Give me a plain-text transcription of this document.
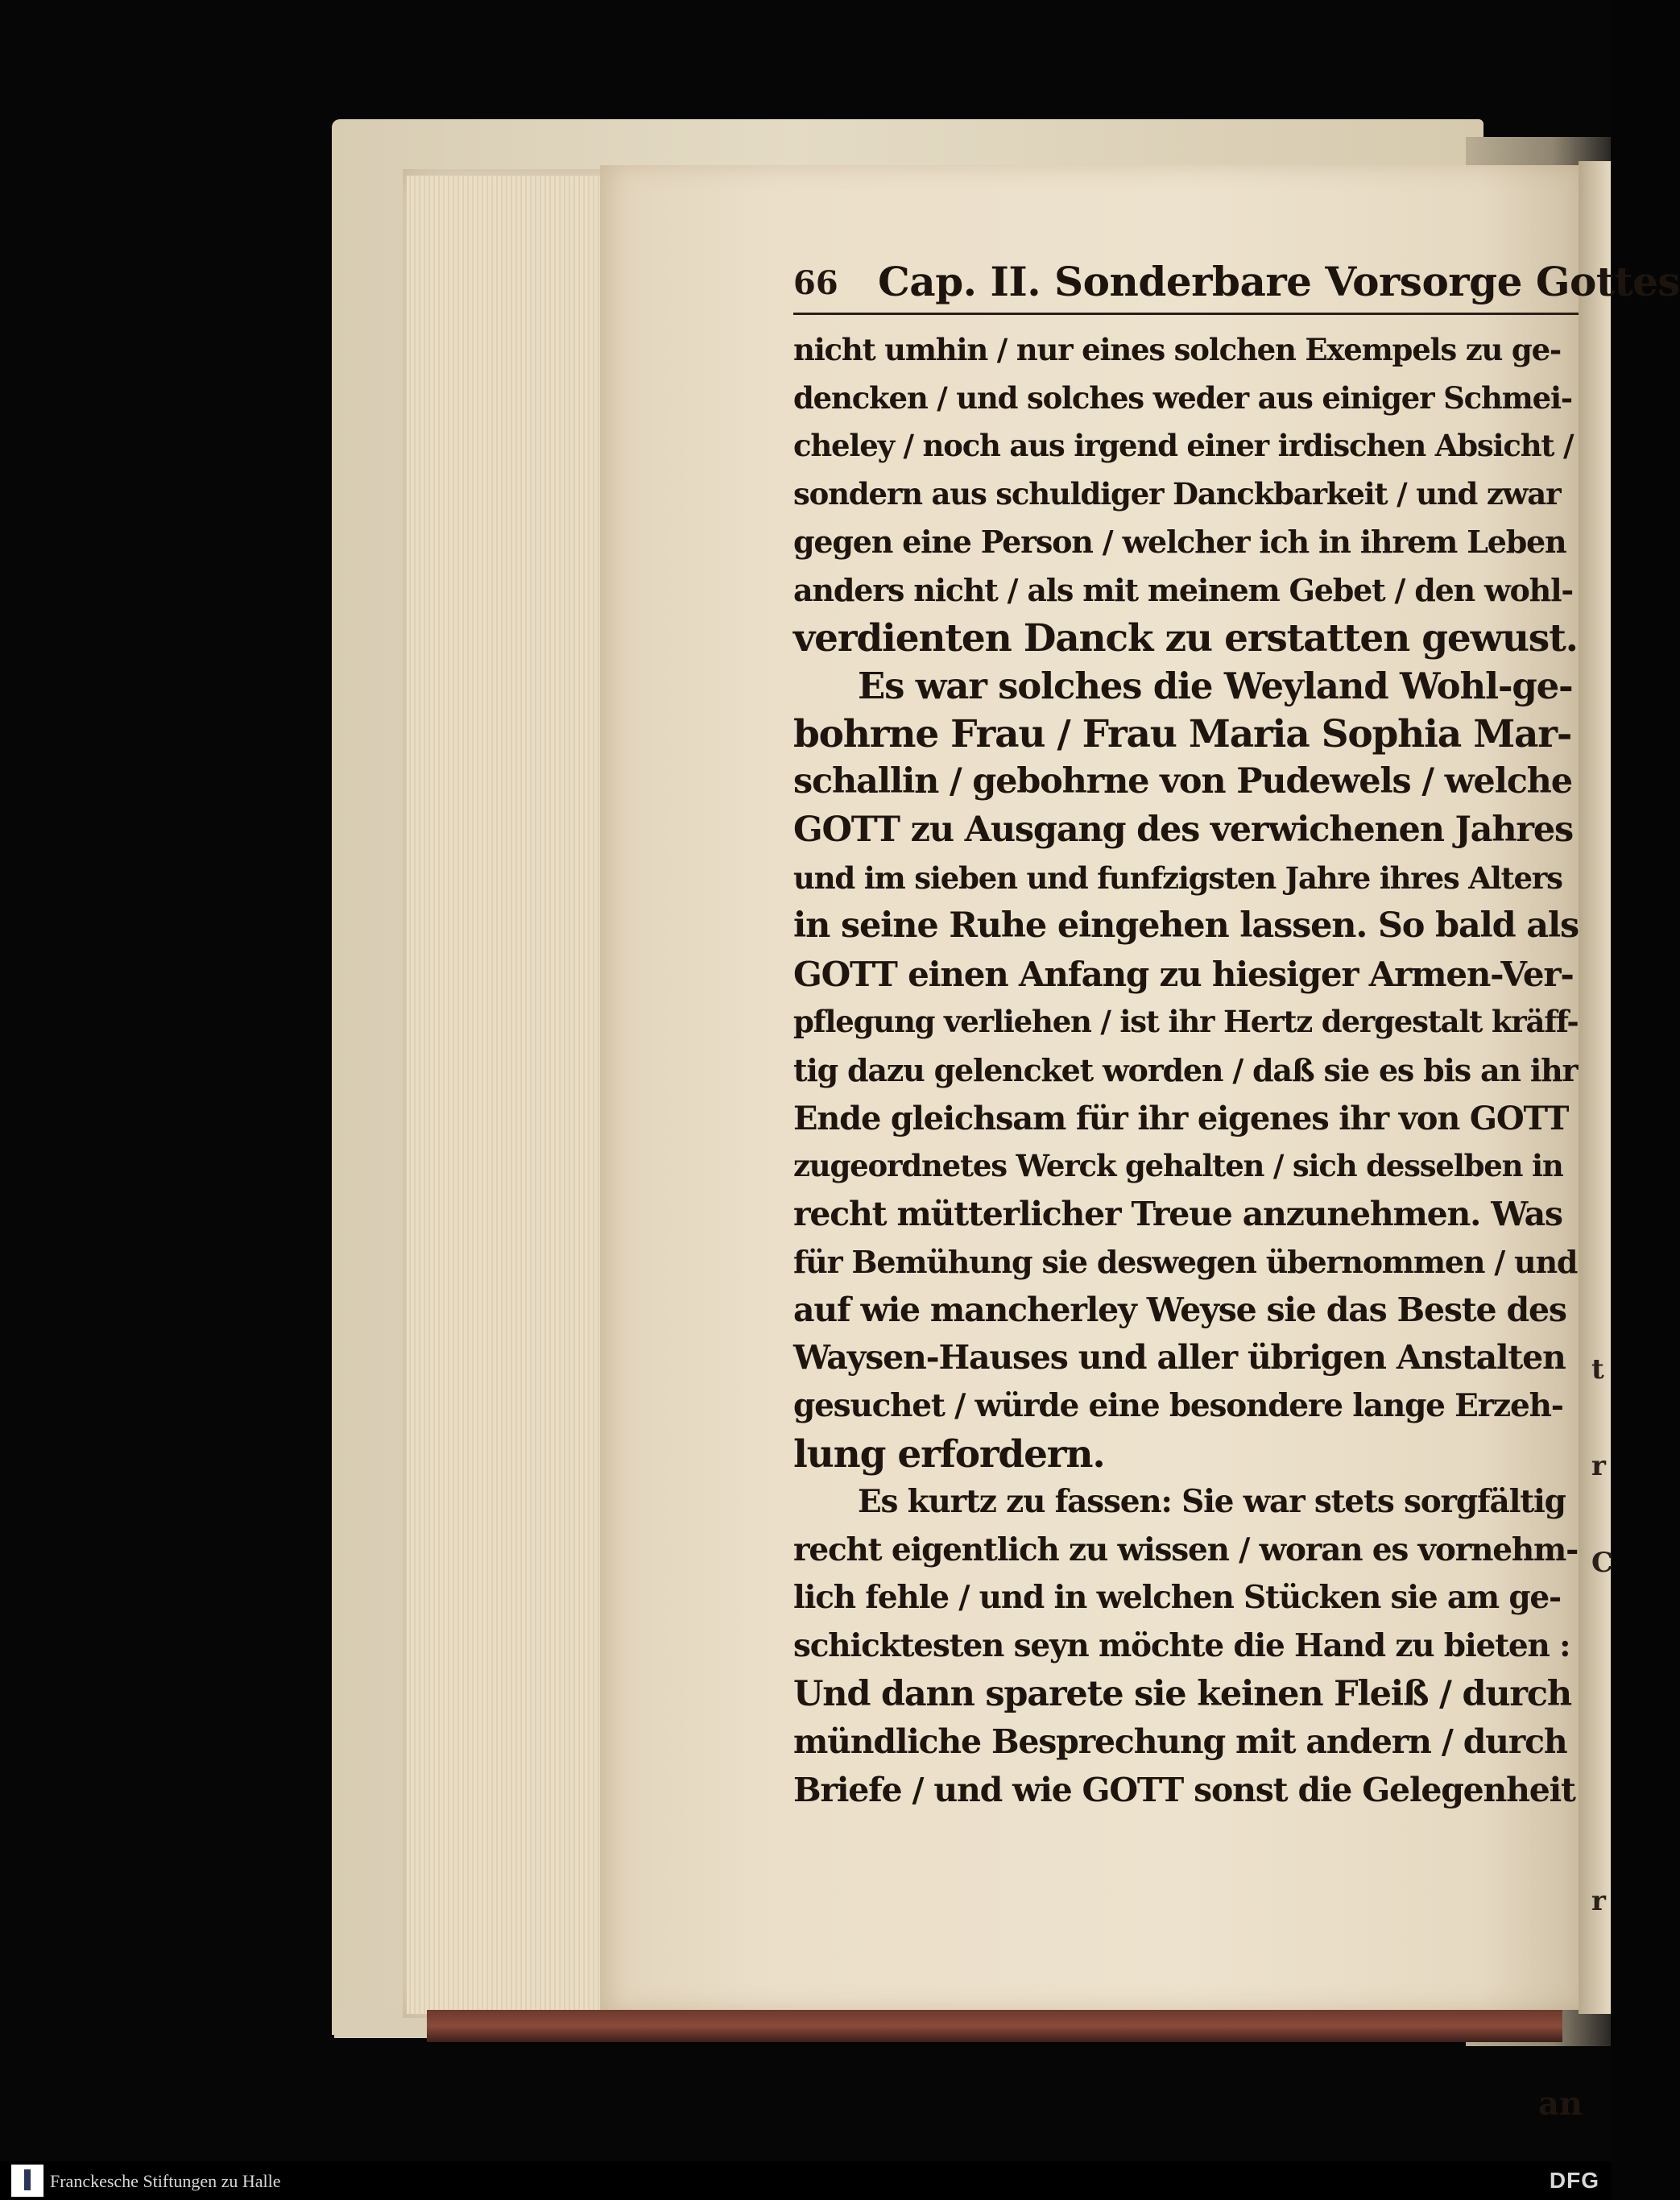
t
r
C
r
66 Cap. II. Sonderbare Vorsorge Gottes
nicht umhin / nur eines solchen Exempels zu ge-
dencken / und solches weder aus einiger Schmei-
cheley / noch aus irgend einer irdischen Absicht /
sondern aus schuldiger Danckbarkeit / und zwar
gegen eine Person / welcher ich in ihrem Leben
anders nicht / als mit meinem Gebet / den wohl-
verdienten Danck zu erstatten gewust.
Es war solches die Weyland Wohl-ge-
bohrne Frau / Frau Maria Sophia Mar-
schallin / gebohrne von Pudewels / welche
GOTT zu Ausgang des verwichenen Jahres
und im sieben und funfzigsten Jahre ihres Alters
in seine Ruhe eingehen lassen. So bald als
GOTT einen Anfang zu hiesiger Armen-Ver-
pflegung verliehen / ist ihr Hertz dergestalt kräff-
tig dazu gelencket worden / daß sie es bis an ihr
Ende gleichsam für ihr eigenes ihr von GOTT
zugeordnetes Werck gehalten / sich desselben in
recht mütterlicher Treue anzunehmen. Was
für Bemühung sie deswegen übernommen / und
auf wie mancherley Weyse sie das Beste des
Waysen-Hauses und aller übrigen Anstalten
gesuchet / würde eine besondere lange Erzeh-
lung erfordern.
Es kurtz zu fassen: Sie war stets sorgfältig
recht eigentlich zu wissen / woran es vornehm-
lich fehle / und in welchen Stücken sie am ge-
schicktesten seyn möchte die Hand zu bieten :
Und dann sparete sie keinen Fleiß / durch
mündliche Besprechung mit andern / durch
Briefe / und wie GOTT sonst die Gelegenheit
an
Franckesche Stiftungen zu Halle	DFG
